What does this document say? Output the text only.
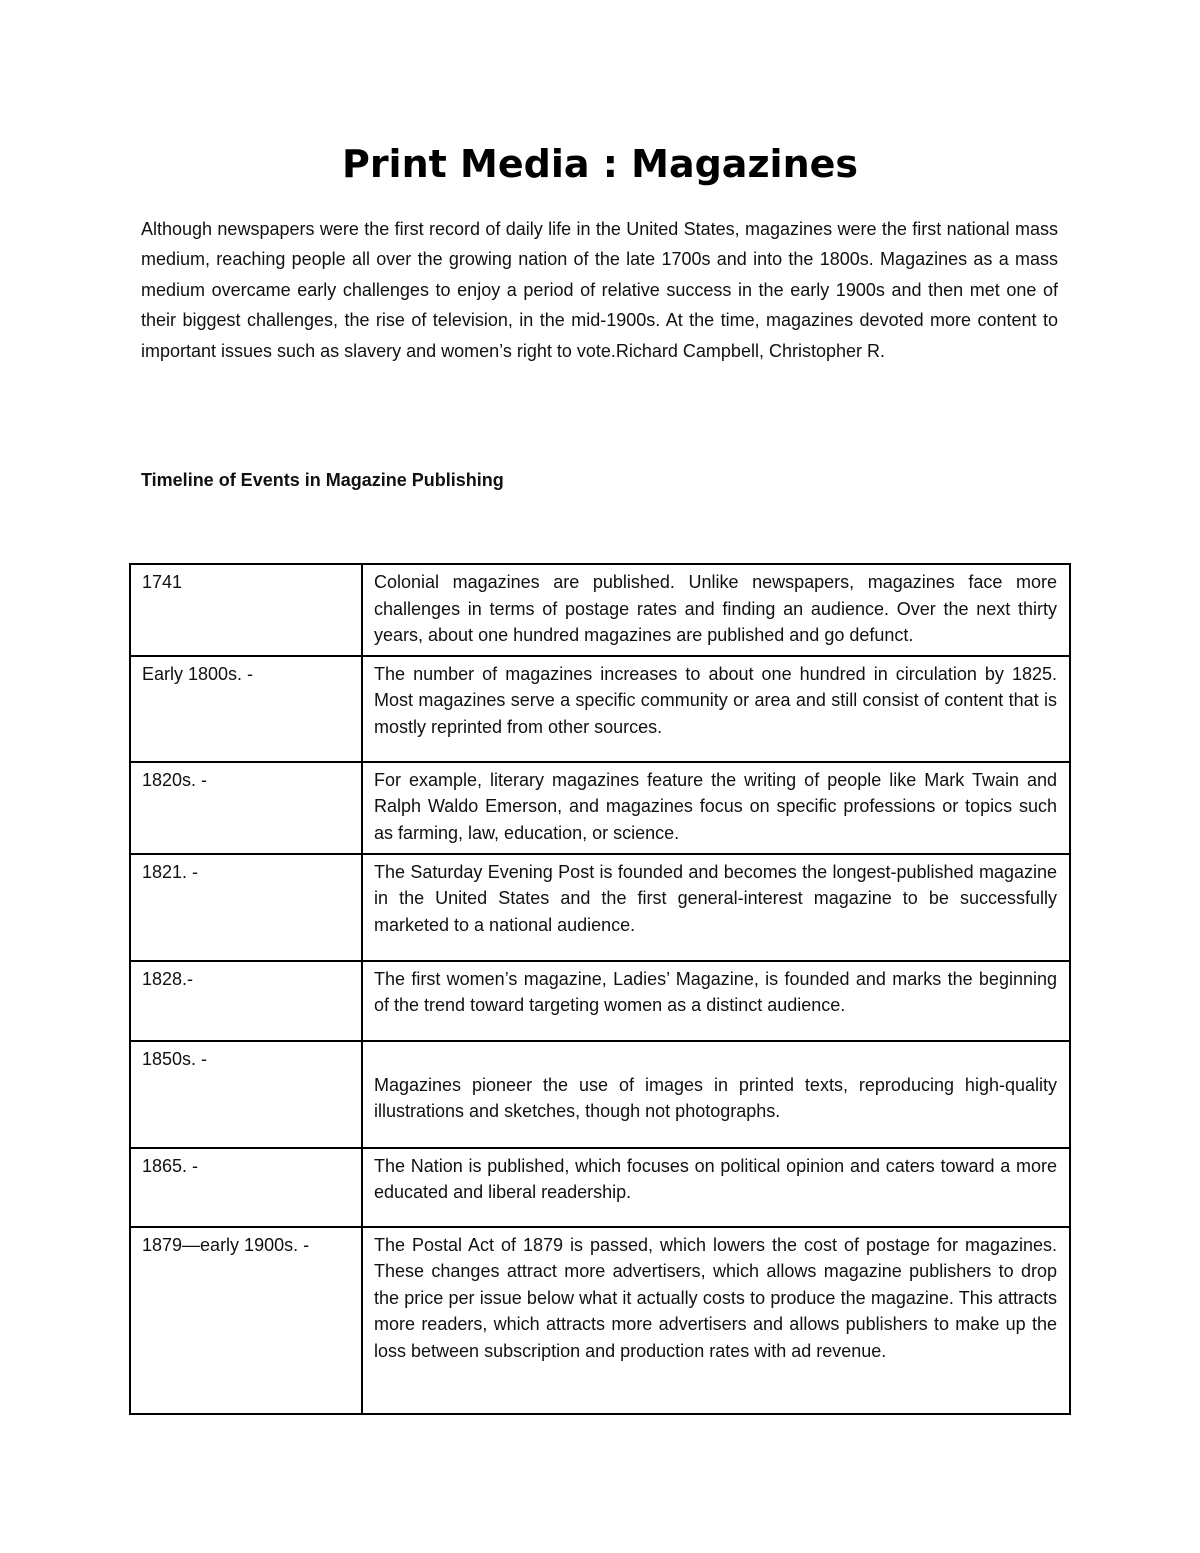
Print Media : Magazines

Although newspapers were the first record of daily life in the United States, magazines were the first national mass medium, reaching people all over the growing nation of the late 1700s and into the 1800s. Magazines as a mass medium overcame early challenges to enjoy a period of relative success in the early 1900s and then met one of their biggest challenges, the rise of television, in the mid-1900s. At the time, magazines devoted more content to important issues such as slavery and women’s right to vote.Richard Campbell, Christopher R.

Timeline of Events in Magazine Publishing

1741	Colonial magazines are published. Unlike newspapers, magazines face more challenges in terms of postage rates and finding an audience. Over the next thirty years, about one hundred magazines are published and go defunct.
Early 1800s. -	The number of magazines increases to about one hundred in circulation by 1825. Most magazines serve a specific community or area and still consist of content that is mostly reprinted from other sources.
1820s. -	For example, literary magazines feature the writing of people like Mark Twain and Ralph Waldo Emerson, and magazines focus on specific professions or topics such as farming, law, education, or science.
1821. -	The Saturday Evening Post is founded and becomes the longest-published magazine in the United States and the first general-interest magazine to be successfully marketed to a national audience.
1828.-	The first women’s magazine, Ladies’ Magazine, is founded and marks the beginning of the trend toward targeting women as a distinct audience.
1850s. -	Magazines pioneer the use of images in printed texts, reproducing high-quality illustrations and sketches, though not photographs.
1865. -	The Nation is published, which focuses on political opinion and caters toward a more educated and liberal readership.
1879—early 1900s. -	The Postal Act of 1879 is passed, which lowers the cost of postage for magazines. These changes attract more advertisers, which allows magazine publishers to drop the price per issue below what it actually costs to produce the magazine. This attracts more readers, which attracts more advertisers and allows publishers to make up the loss between subscription and production rates with ad revenue.
